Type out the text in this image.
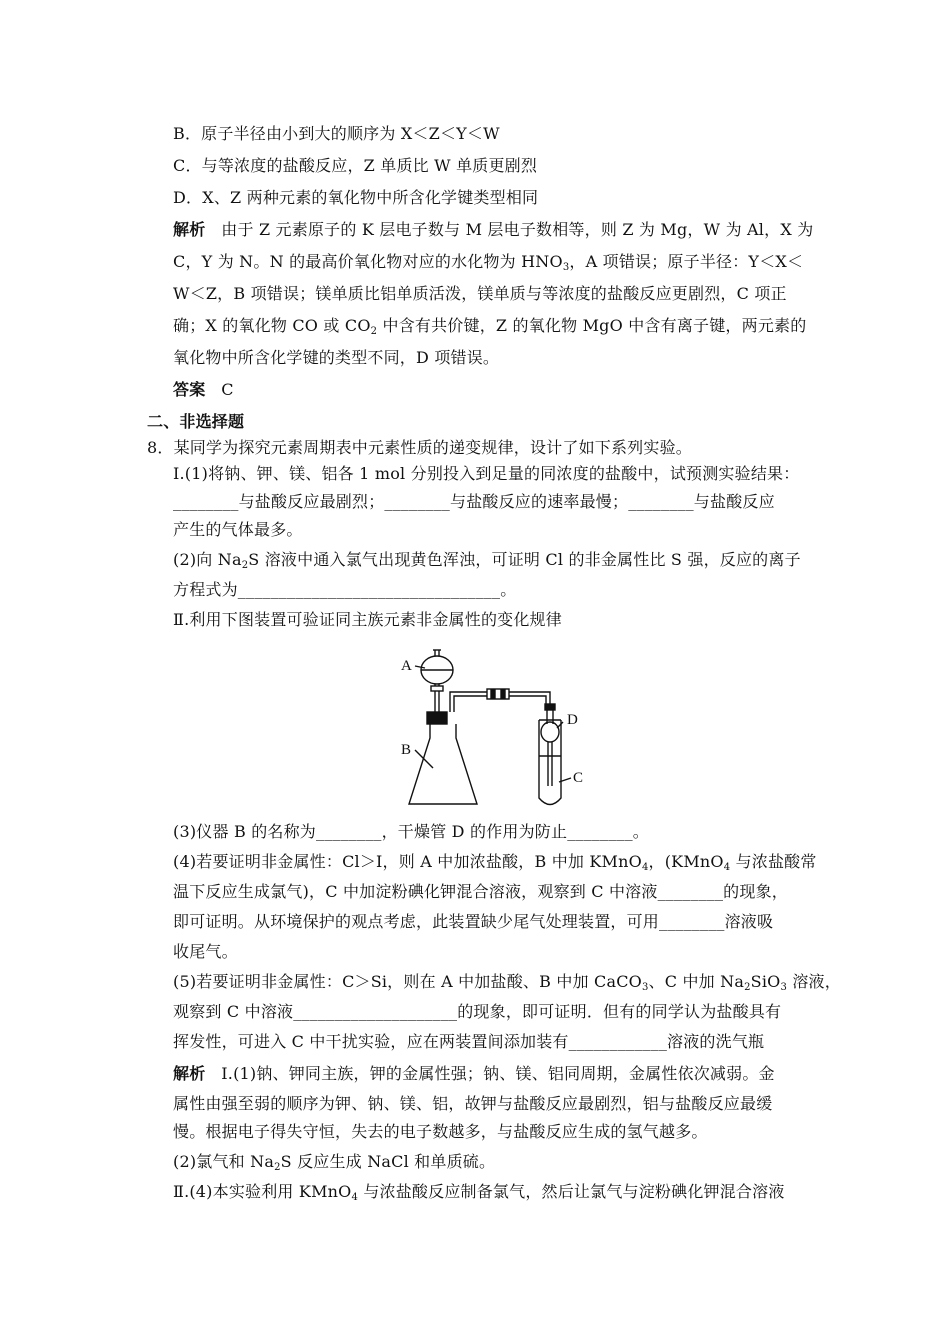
B．原子半径由小到大的顺序为 X＜Z＜Y＜W
C．与等浓度的盐酸反应，Z 单质比 W 单质更剧烈
D．X、Z 两种元素的氧化物中所含化学键类型相同
解析 由于 Z 元素原子的 K 层电子数与 M 层电子数相等，则 Z 为 Mg，W 为 Al，X 为
C，Y 为 N。N 的最高价氧化物对应的水化物为 $HNO_3$，A 项错误；原子半径：Y＜X＜
W＜Z，B 项错误；镁单质比铝单质活泼，镁单质与等浓度的盐酸反应更剧烈，C 项正
确；X 的氧化物 CO 或 $CO_2$ 中含有共价键，Z 的氧化物 MgO 中含有离子键，两元素的
氧化物中所含化学键的类型不同，D 项错误。
答案 C
二、非选择题
8．某同学为探究元素周期表中元素性质的递变规律，设计了如下系列实验。
Ⅰ.(1)将钠、钾、镁、铝各 1 mol 分别投入到足量的同浓度的盐酸中，试预测实验结果：
________与盐酸反应最剧烈；________与盐酸反应的速率最慢；________与盐酸反应
产生的气体最多。
(2)向 $Na_2S$ 溶液中通入氯气出现黄色浑浊，可证明 Cl 的非金属性比 S 强，反应的离子
方程式为________________________________。
Ⅱ.利用下图装置可验证同主族元素非金属性的变化规律
A
B
D
C
(3)仪器 B 的名称为________，干燥管 D 的作用为防止________。
(4)若要证明非金属性：Cl＞I，则 A 中加浓盐酸，B 中加 KMnO$_4$，(KMnO$_4$ 与浓盐酸常
温下反应生成氯气)，C 中加淀粉碘化钾混合溶液，观察到 C 中溶液________的现象，
即可证明。从环境保护的观点考虑，此装置缺少尾气处理装置，可用________溶液吸
收尾气。
(5)若要证明非金属性：C＞Si，则在 A 中加盐酸、B 中加 CaCO$_3$、C 中加 $Na_2SiO_3$ 溶液，
观察到 C 中溶液____________________的现象，即可证明．但有的同学认为盐酸具有
挥发性，可进入 C 中干扰实验，应在两装置间添加装有____________溶液的洗气瓶
解析 Ⅰ.(1)钠、钾同主族，钾的金属性强；钠、镁、铝同周期，金属性依次减弱。金
属性由强至弱的顺序为钾、钠、镁、铝，故钾与盐酸反应最剧烈，铝与盐酸反应最缓
慢。根据电子得失守恒，失去的电子数越多，与盐酸反应生成的氢气越多。
(2)氯气和 $Na_2S$ 反应生成 NaCl 和单质硫。
Ⅱ.(4)本实验利用 KMnO$_4$ 与浓盐酸反应制备氯气，然后让氯气与淀粉碘化钾混合溶液
